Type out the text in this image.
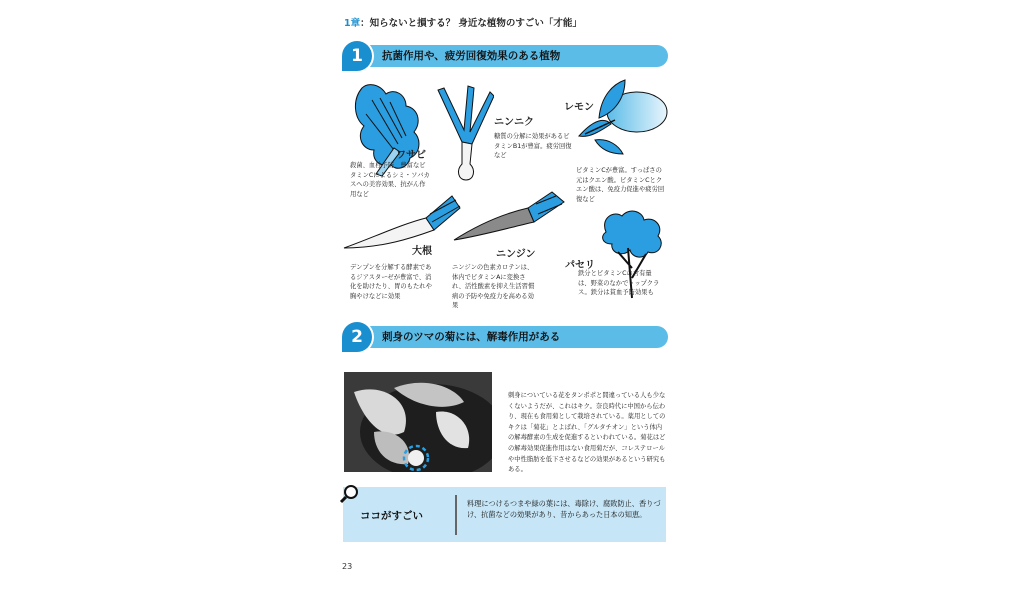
1章：知らないと損する？ 身近な植物のすごい「才能」
抗菌作用や、疲労回復効果のある植物
1
ワサビ
殺菌、血栓予防、豊富なビタミンCによるシミ・ソバカスへの美容効果、抗がん作用など
ニンニク
糖質の分解に効果があるビタミンB1が豊富。疲労回復など
レモン
ビタミンCが豊富。すっぱさの元はクエン酸。ビタミンCとクエン酸は、免疫力促進や疲労回復など
大根
デンプンを分解する酵素であるジアスターゼが豊富で、消化を助けたり、胃のもたれや胸やけなどに効果
ニンジン
ニンジンの色素カロテンは、体内でビタミンAに変換され、活性酸素を抑え生活習慣病の予防や免疫力を高める効果
パセリ
鉄分とビタミンCの含有量は、野菜のなかでトップクラス。鉄分は貧血予防効果も
刺身のツマの菊には、解毒作用がある
2
刺身についている花をタンポポと間違っている人も少なくないようだが、これはキク。奈良時代に中国から伝わり、現在も食用菊として栽培されている。薬用としてのキクは「菊花」とよばれ、「グルタチオン」という体内の解毒酵素の生成を促進するといわれている。菊花はどの解毒効果促進作用はない食用菊だが、コレステロールや中性脂肪を低下させるなどの効果があるという研究もある。
ココがすごい
料理につけるつまや緑の葉には、毒除け、腐敗防止、香りづけ、抗菌などの効果があり、昔からあった日本の知恵。
23
